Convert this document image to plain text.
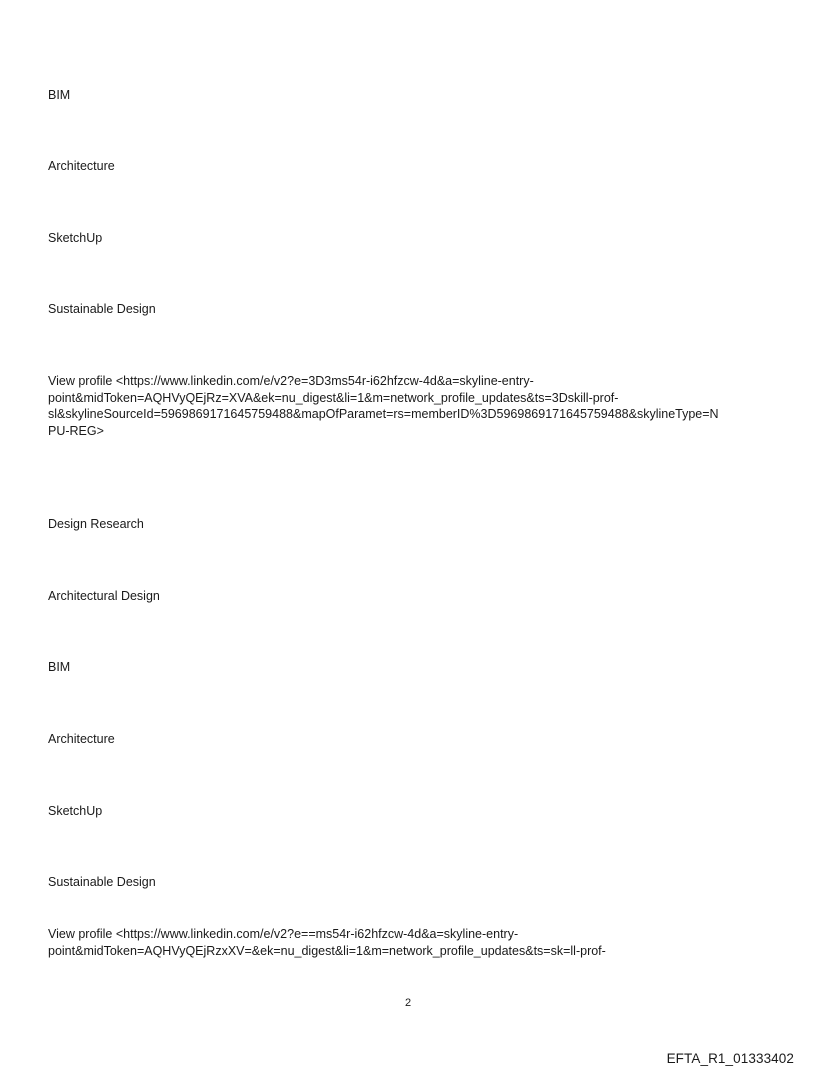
BIM
Architecture
SketchUp
Sustainable Design
View profile <https://www.linkedin.com/e/v2?e=3D3ms54r-i62hfzcw-4d&a=skyline-entry-
point&midToken=AQHVyQEjRz=XVA&ek=nu_digest&li=1&m=network_profile_updates&ts=3Dskill-prof-
sl&skylineSourceId=5969869171645759488&mapOfParamet=rs=memberID%3D5969869171645759488&skylineType=N
PU-REG>
Design Research
Architectural Design
BIM
Architecture
SketchUp
Sustainable Design
View profile <https://www.linkedin.com/e/v2?e==ms54r-i62hfzcw-4d&a=skyline-entry-
point&midToken=AQHVyQEjRzxXV=&ek=nu_digest&li=1&m=network_profile_updates&ts=sk=ll-prof-
2
EFTA_R1_01333402
